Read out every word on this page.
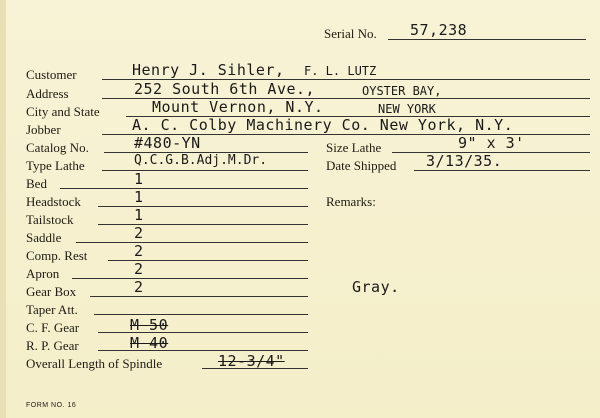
Serial No. 57,238
Customer	Henry J. Sihler, F. L. LUTZ
Address	252 South 6th Ave.,	OYSTER BAY,
City and State	Mount Vernon, N.Y.	NEW YORK
Jobber	A. C. Colby Machinery Co. New York, N.Y.
Catalog No.	#480-YN	Size Lathe	9" x 3'
Type Lathe	Q.C.G.B.Adj.M.Dr.	Date Shipped 3/13/35.
Bed	1
Headstock	1	Remarks:
Gray.
Tailstock	1
Saddle	2
Comp. Rest	2
Apron	2
Gear Box	2
Taper Att.
C. F. Gear	M 50
R. P. Gear	M 40
Overall Length of Spindle	12-3/4"
FORM NO. 16
